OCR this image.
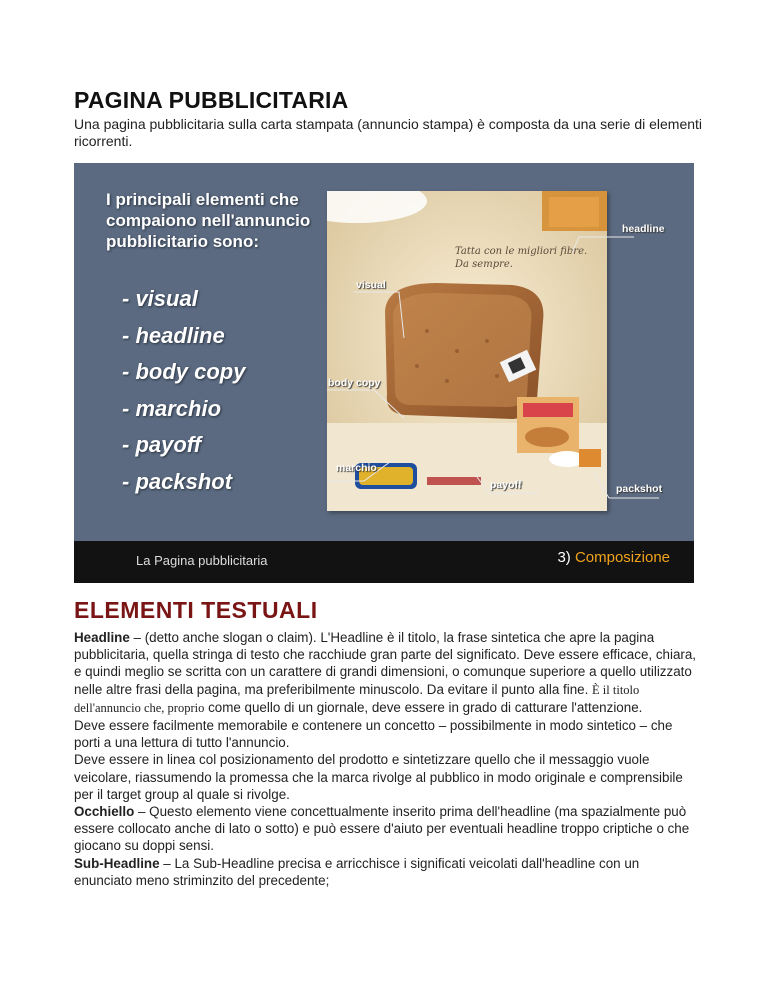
PAGINA PUBBLICITARIA
Una pagina pubblicitaria sulla carta stampata (annuncio stampa) è composta da una serie di elementi ricorrenti.
I principali elementi che compaiono nell'annuncio pubblicitario sono:
- visual
- headline
- body copy
- marchio
- payoff
- packshot
Tatta con le migliori fibre. Da sempre.
headline
visual
body copy
marchio
payoff	packshot
La Pagina pubblicitaria	3) Composizione
ELEMENTI TESTUALI

Headline – (detto anche slogan o claim). L'Headline è il titolo, la frase sintetica che apre la pagina pubblicitaria, quella stringa di testo che racchiude gran parte del significato. Deve essere efficace, chiara, e quindi meglio se scritta con un carattere di grandi dimensioni, o comunque superiore a quello utilizzato nelle altre frasi della pagina, ma preferibilmente minuscolo. Da evitare il punto alla fine. È il titolo dell'annuncio che, proprio come quello di un giornale, deve essere in grado di catturare l'attenzione.

Deve essere facilmente memorabile e contenere un concetto – possibilmente in modo sintetico – che porti a una lettura di tutto l'annuncio.

Deve essere in linea col posizionamento del prodotto e sintetizzare quello che il messaggio vuole veicolare, riassumendo la promessa che la marca rivolge al pubblico in modo originale e comprensibile per il target group al quale si rivolge.

Occhiello – Questo elemento viene concettualmente inserito prima dell'headline (ma spazialmente può essere collocato anche di lato o sotto) e può essere d'aiuto per eventuali headline troppo criptiche o che giocano su doppi sensi.

Sub-Headline – La Sub-Headline precisa e arricchisce i significati veicolati dall'headline con un enunciato meno striminzito del precedente;
